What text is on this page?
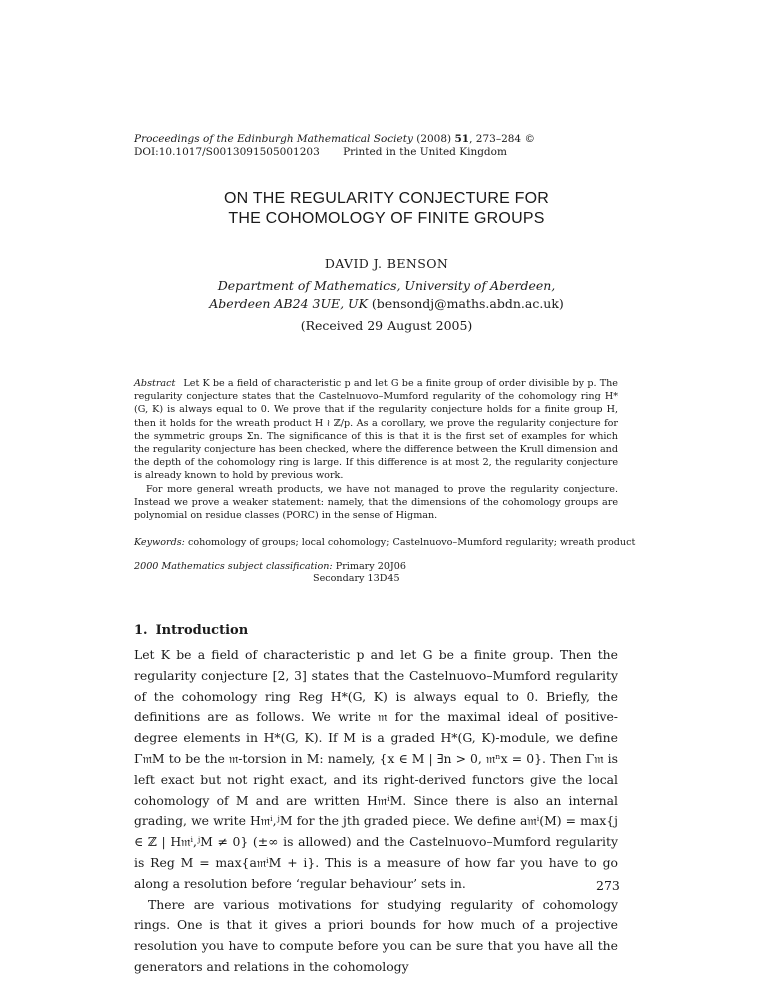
Proceedings of the Edinburgh Mathematical Society (2008) 51, 273–284 ©
DOI:10.1017/S0013091505001203 Printed in the United Kingdom
ON THE REGULARITY CONJECTURE FOR
THE COHOMOLOGY OF FINITE GROUPS
DAVID J. BENSON
Department of Mathematics, University of Aberdeen,
Aberdeen AB24 3UE, UK (bensondj@maths.abdn.ac.uk)
(Received 29 August 2005)

Abstract Let K be a field of characteristic p and let G be a finite group of order divisible by p. The regularity conjecture states that the Castelnuovo–Mumford regularity of the cohomology ring H*(G, K) is always equal to 0. We prove that if the regularity conjecture holds for a finite group H, then it holds for the wreath product H ≀ ℤ/p. As a corollary, we prove the regularity conjecture for the symmetric groups Σn. The significance of this is that it is the first set of examples for which the regularity conjecture has been checked, where the difference between the Krull dimension and the depth of the cohomology ring is large. If this difference is at most 2, the regularity conjecture is already known to hold by previous work.

For more general wreath products, we have not managed to prove the regularity conjecture. Instead we prove a weaker statement: namely, that the dimensions of the cohomology groups are polynomial on residue classes (PORC) in the sense of Higman.

Keywords: cohomology of groups; local cohomology; Castelnuovo–Mumford regularity; wreath product
2000 Mathematics subject classification: Primary 20J06
Secondary 13D45
1. Introduction

Let K be a field of characteristic p and let G be a finite group. Then the regularity conjecture [2, 3] states that the Castelnuovo–Mumford regularity of the cohomology ring Reg H*(G, K) is always equal to 0. Briefly, the definitions are as follows. We write 𝔪 for the maximal ideal of positive-degree elements in H*(G, K). If M is a graded H*(G, K)-module, we define Γ𝔪M to be the 𝔪-torsion in M: namely, {x ∈ M | ∃n > 0, 𝔪ⁿx = 0}. Then Γ𝔪 is left exact but not right exact, and its right-derived functors give the local cohomology of M and are written H𝔪ⁱM. Since there is also an internal grading, we write H𝔪ⁱ,ʲM for the jth graded piece. We define a𝔪ⁱ(M) = max{j ∈ ℤ | H𝔪ⁱ,ʲM ≠ 0} (±∞ is allowed) and the Castelnuovo–Mumford regularity is Reg M = max{a𝔪ⁱM + i}. This is a measure of how far you have to go along a resolution before ‘regular behaviour’ sets in.

There are various motivations for studying regularity of cohomology rings. One is that it gives a priori bounds for how much of a projective resolution you have to compute before you can be sure that you have all the generators and relations in the cohomology

273
